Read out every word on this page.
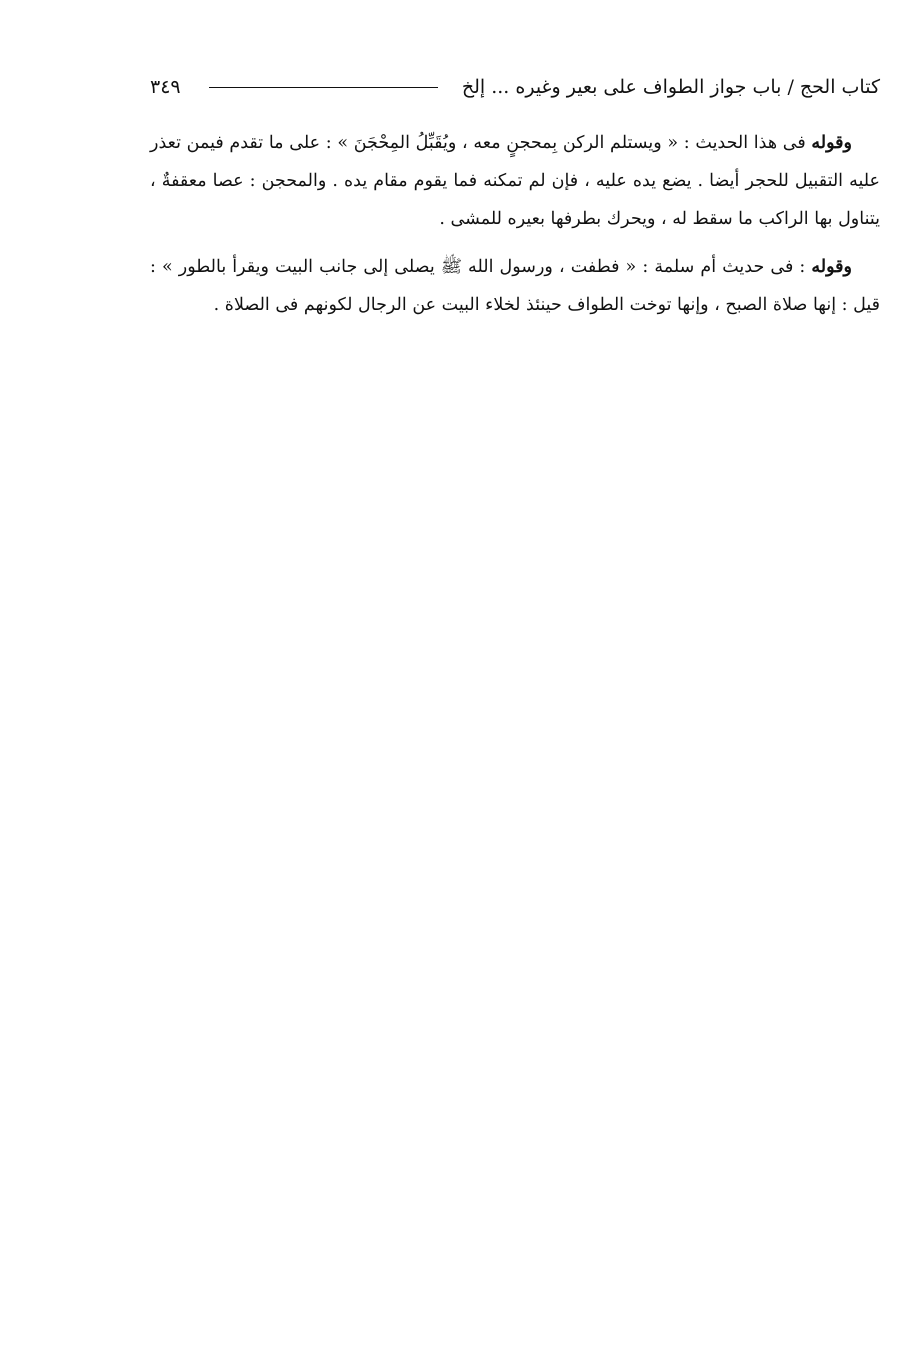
كتاب الحج / باب جواز الطواف على بعير وغيره ... إلخ
٣٤٩

وقوله فى هذا الحديث : « ويستلم الركن بِمحجنٍ معه ، ويُقَبِّلُ المِحْجَنَ » : على ما تقدم فيمن تعذر عليه التقبيل للحجر أيضا . يضع يده عليه ، فإن لم تمكنه فما يقوم مقام يده . والمحجن : عصا معقفةٌ ، يتناول بها الراكب ما سقط له ، ويحرك بطرفها بعيره للمشى .

وقوله : فى حديث أم سلمة : « فطفت ، ورسول الله ﷺ يصلى إلى جانب البيت ويقرأ بالطور » : قيل : إنها صلاة الصبح ، وإنها توخت الطواف حينئذ لخلاء البيت عن الرجال لكونهم فى الصلاة .
